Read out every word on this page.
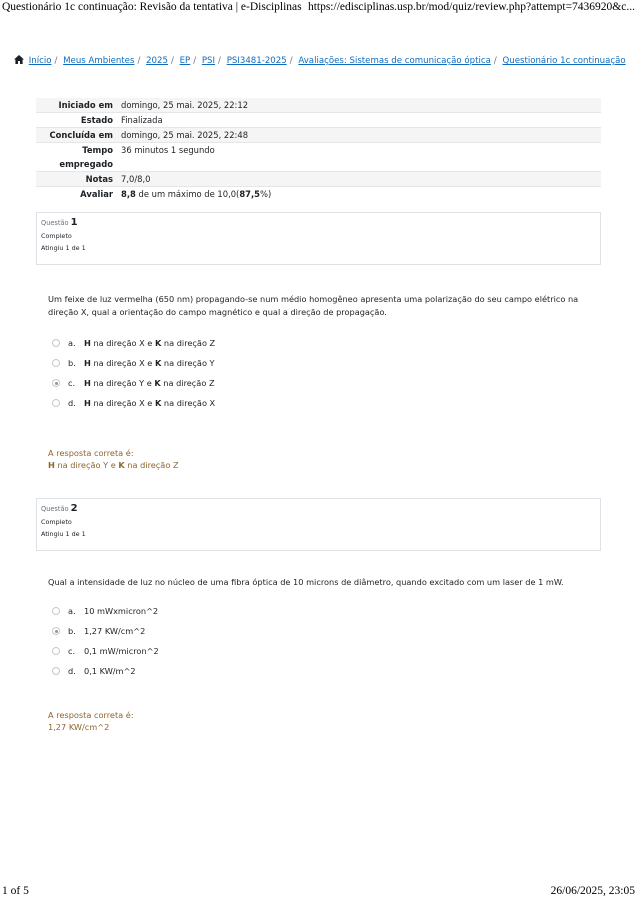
Questionário 1c continuação: Revisão da tentativa | e-Disciplinas https://edisciplinas.usp.br/mod/quiz/review.php?attempt=7436920&c...
Início / Meus Ambientes / 2025 / EP / PSI / PSI3481-2025 / Avaliações: Sistemas de comunicação óptica / Questionário 1c continuação
Iniciado em domingo, 25 mai. 2025, 22:12
Estado Finalizada
Concluída em domingo, 25 mai. 2025, 22:48
Tempo empregado
36 minutos 1 segundo
Notas 7,0/8,0
Avaliar 8,8 de um máximo de 10,0(87,5%)
Questão 1
Completo
Atingiu 1 de 1
Um feixe de luz vermelha (650 nm) propagando-se num médio homogêneo apresenta uma polarização do seu campo elétrico na direção X, qual a orientação do campo magnético e qual a direção de propagação.
a.	H na direção X e K na direção Z
b. H na direção X e K na direção Y
c.	H na direção Y e K na direção Z
d. H na direção X e K na direção X
A resposta correta é:
H na direção Y e K na direção Z
Questão 2
Completo
Atingiu 1 de 1
Qual a intensidade de luz no núcleo de uma fibra óptica de 10 microns de diâmetro, quando excitado com um laser de 1 mW.
a.	10 mWxmicron^2
b. 1,27 KW/cm^2
c.	0,1 mW/micron^2
d. 0,1 KW/m^2
A resposta correta é:
1,27 KW/cm^2
1 of 5	26/06/2025, 23:05
